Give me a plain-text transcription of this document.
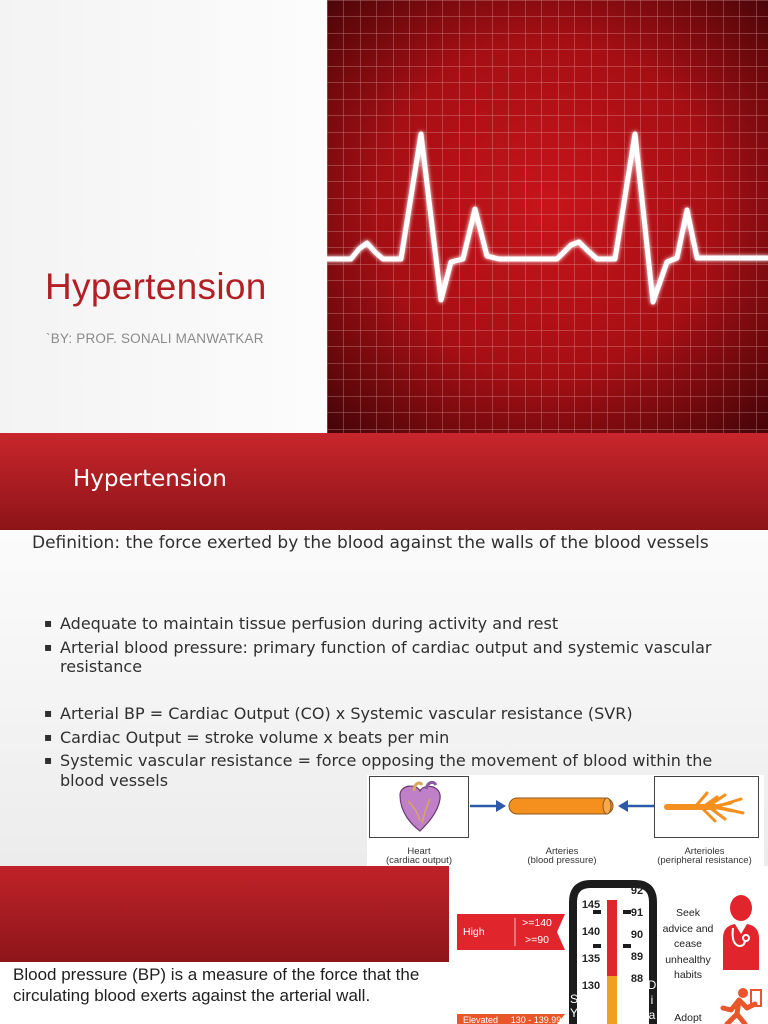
Hypertension
`BY: PROF. SONALI MANWATKAR
Hypertension
Definition: the force exerted by the blood against the walls of the blood vessels
▪ Adequate to maintain tissue perfusion during activity and rest
▪ Arterial blood pressure: primary function of cardiac output and systemic vascular resistance
▪ Arterial BP = Cardiac Output (CO) x Systemic vascular resistance (SVR)
▪ Cardiac Output = stroke volume x beats per min
▪ Systemic vascular resistance = force opposing the movement of blood within the blood vessels
Heart
(cardiac output)
Arteries
(blood pressure)
Arterioles
(peripheral resistance)
Blood pressure (BP) is a measure of the force that the circulating blood exerts against the arterial wall.
High
>=140
>=90
Elevated	130 - 139.99
145
140
135
130
92
91
90
89
88
S
Y
D
i
a
Seek advice and cease unhealthy habits
Adopt
